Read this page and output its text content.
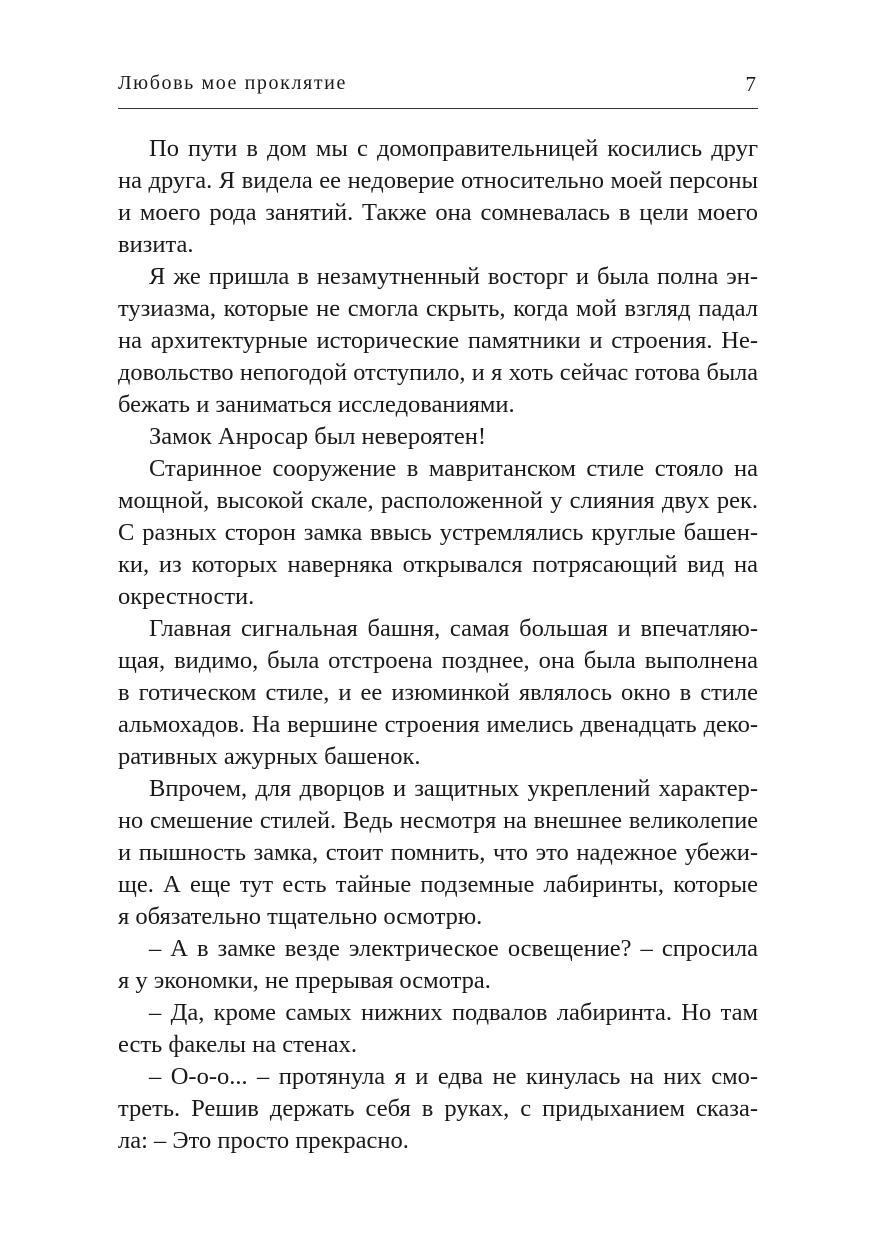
Любовь мое проклятие	7

По пути в дом мы с домоправительницей косились друг
на друга. Я видела ее недоверие относительно моей персоны
и моего рода занятий. Также она сомневалась в цели моего
визита.

Я же пришла в незамутненный восторг и была полна эн-
тузиазма, которые не смогла скрыть, когда мой взгляд падал
на архитектурные исторические памятники и строения. Не-
довольство непогодой отступило, и я хоть сейчас готова была
бежать и заниматься исследованиями.

Замок Анросар был невероятен!

Старинное сооружение в мавританском стиле стояло на
мощной, высокой скале, расположенной у слияния двух рек.
С разных сторон замка ввысь устремлялись круглые башен-
ки, из которых наверняка открывался потрясающий вид на
окрестности.

Главная сигнальная башня, самая большая и впечатляю-
щая, видимо, была отстроена позднее, она была выполнена
в готическом стиле, и ее изюминкой являлось окно в стиле
альмохадов. На вершине строения имелись двенадцать деко-
ративных ажурных башенок.

Впрочем, для дворцов и защитных укреплений характер-
но смешение стилей. Ведь несмотря на внешнее великолепие
и пышность замка, стоит помнить, что это надежное убежи-
ще. А еще тут есть тайные подземные лабиринты, которые
я обязательно тщательно осмотрю.

– А в замке везде электрическое освещение? – спросила
я у экономки, не прерывая осмотра.

– Да, кроме самых нижних подвалов лабиринта. Но там
есть факелы на стенах.

– О-о-о... – протянула я и едва не кинулась на них смо-
треть. Решив держать себя в руках, с придыханием сказа-
ла: – Это просто прекрасно.
